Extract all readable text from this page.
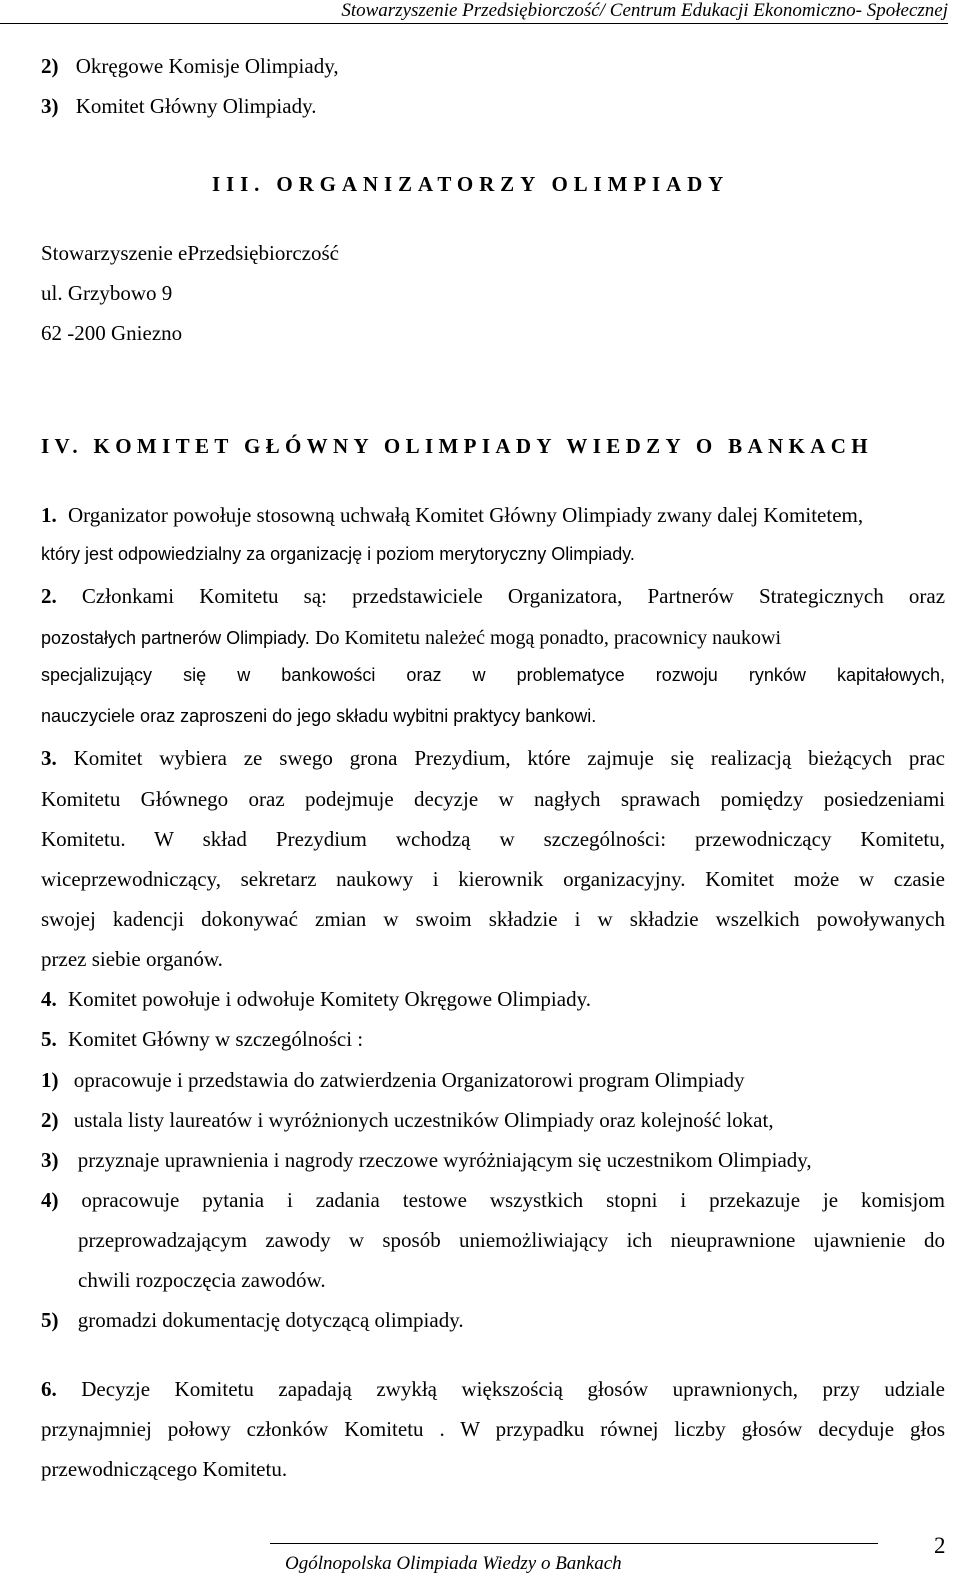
Stowarzyszenie Przedsiębiorczość/ Centrum Edukacji Ekonomiczno- Społecznej
2) Okręgowe Komisje Olimpiady,
3) Komitet Główny Olimpiady.
III. ORGANIZATORZY OLIMPIADY
Stowarzyszenie ePrzedsiębiorczość
ul. Grzybowo 9
62 -200 Gniezno
IV. KOMITET GŁÓWNY OLIMPIADY WIEDZY O BANKACH
1. Organizator powołuje stosowną uchwałą Komitet Główny Olimpiady zwany dalej Komitetem,
który jest odpowiedzialny za organizację i poziom merytoryczny Olimpiady.
2. Członkami Komitetu są: przedstawiciele Organizatora, Partnerów Strategicznych oraz
pozostałych partnerów Olimpiady. Do Komitetu należeć mogą ponadto, pracownicy naukowi
specjalizujący się w bankowości oraz w problematyce rozwoju rynków kapitałowych,
nauczyciele oraz zaproszeni do jego składu wybitni praktycy bankowi.
3. Komitet wybiera ze swego grona Prezydium, które zajmuje się realizacją bieżących prac
Komitetu Głównego oraz podejmuje decyzje w nagłych sprawach pomiędzy posiedzeniami
Komitetu. W skład Prezydium wchodzą w szczególności: przewodniczący Komitetu,
wiceprzewodniczący, sekretarz naukowy i kierownik organizacyjny. Komitet może w czasie
swojej kadencji dokonywać zmian w swoim składzie i w składzie wszelkich powoływanych
przez siebie organów.
4. Komitet powołuje i odwołuje Komitety Okręgowe Olimpiady.
5. Komitet Główny w szczególności :
1) opracowuje i przedstawia do zatwierdzenia Organizatorowi program Olimpiady
2) ustala listy laureatów i wyróżnionych uczestników Olimpiady oraz kolejność lokat,
3) przyznaje uprawnienia i nagrody rzeczowe wyróżniającym się uczestnikom Olimpiady,
4) opracowuje pytania i zadania testowe wszystkich stopni i przekazuje je komisjom
przeprowadzającym zawody w sposób uniemożliwiający ich nieuprawnione ujawnienie do
chwili rozpoczęcia zawodów.
5) gromadzi dokumentację dotyczącą olimpiady.
6. Decyzje Komitetu zapadają zwykłą większością głosów uprawnionych, przy udziale
przynajmniej połowy członków Komitetu . W przypadku równej liczby głosów decyduje głos
przewodniczącego Komitetu.
2
Ogólnopolska Olimpiada Wiedzy o Bankach
